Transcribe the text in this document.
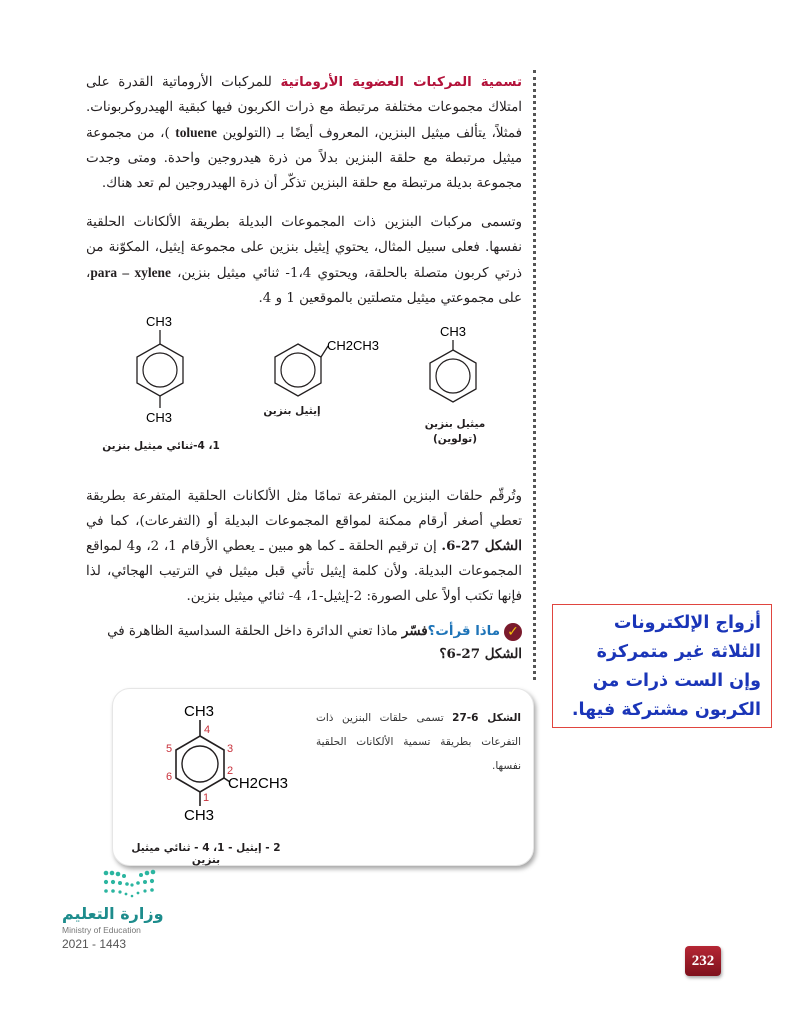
تسمية المركبات العضوية الأروماتية للمركبات الأروماتية القدرة على امتلاك مجموعات مختلفة مرتبطة مع ذرات الكربون فيها كبقية الهيدروكربونات. فمثلاً، يتألف ميثيل البنزين، المعروف أيضًا بـ (التولوين toluene )، من مجموعة ميثيل مرتبطة مع حلقة البنزين بدلاً من ذرة هيدروجين واحدة. ومتى وجدت مجموعة بديلة مرتبطة مع حلقة البنزين تذكّر أن ذرة الهيدروجين لم تعد هناك.

وتسمى مركبات البنزين ذات المجموعات البديلة بطريقة الألكانات الحلقية نفسها. فعلى سبيل المثال، يحتوي إيثيل بنزين على مجموعة إيثيل، المكوّنة من ذرتي كربون متصلة بالحلقة، ويحتوي 1،4- ثنائي ميثيل بنزين، para – xylene، على مجموعتي ميثيل متصلتين بالموقعين 1 و 4.

CH3
CH3
1، 4-ثنائي ميثيل بنزين
CH2CH3
إيثيل بنزين
CH3
ميثيل بنزين
(تولوين)

وتُرقّم حلقات البنزين المتفرعة تمامًا مثل الألكانات الحلقية المتفرعة بطريقة تعطي أصغر أرقام ممكنة لمواقع المجموعات البديلة أو (التفرعات)، كما في الشكل 27-6. إن ترقيم الحلقة ـ كما هو مبين ـ يعطي الأرقام 1، 2، و4 لمواقع المجموعات البديلة. ولأن كلمة إيثيل تأتي قبل ميثيل في الترتيب الهجائي، لذا فإنها تكتب أولاً على الصورة: 2-إيثيل-1، 4- ثنائي ميثيل بنزين.

✓ماذا قرأت؟فسّر ماذا تعني الدائرة داخل الحلقة السداسية الظاهرة في الشكل 27-6؟
أزواج الإلكترونات الثلاثة غير متمركزة وإن الست ذرات من الكربون مشتركة فيها.
الشكل 6-27 تسمى حلقات البنزين ذات التفرعات بطريقة تسمية الألكانات الحلقية نفسها.
CH3
CH2CH3
CH3
1
2
3
4
5
6
2 - إيثيل - 1، 4 - ثنائي ميثيل بنزين
وزارة التعليم
Ministry of Education
2021 - 1443
232
